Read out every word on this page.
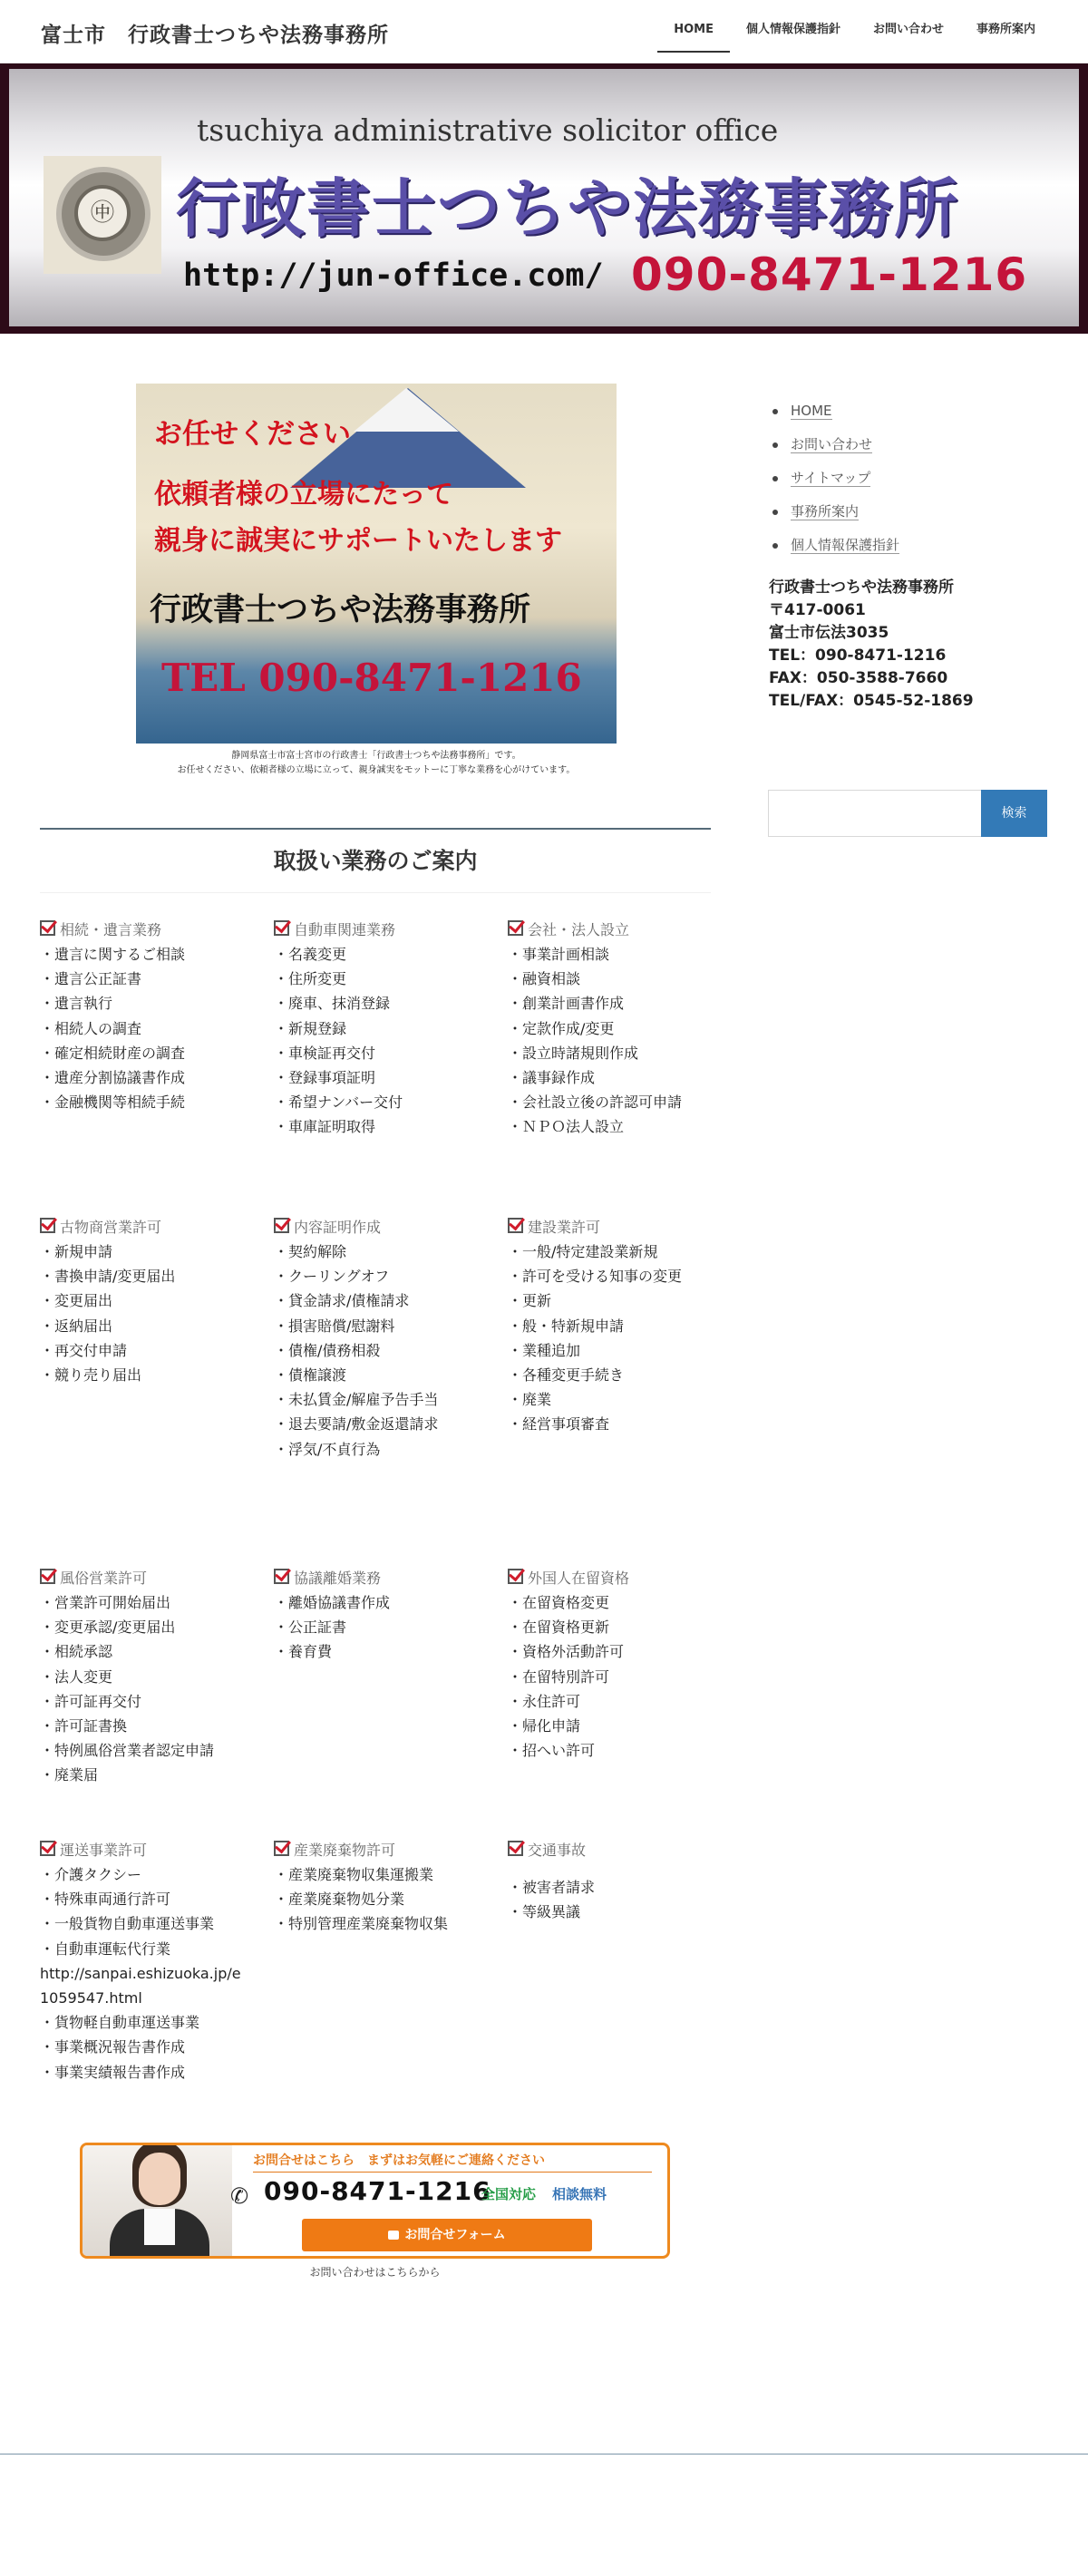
富士市　行政書士つちや法務事務所	HOME	個人情報保護指針	お問い合わせ	事務所案内
tsuchiya administrative solicitor office
㊥ 行政書士つちや法務事務所
http://jun-office.com/ 090-8471-1216
お任せください
依頼者様の立場にたって
親身に誠実にサポートいたします
行政書士つちや法務事務所
TEL 090-8471-1216
静岡県富士市富士宮市の行政書士「行政書士つちや法務事務所」です。
お任せください、依頼者様の立場に立って、親身誠実をモットーに丁寧な業務を心がけています。
HOME
お問い合わせ
サイトマップ
事務所案内
個人情報保護指針
行政書士つちや法務事務所
〒417-0061
富士市伝法3035
TEL：090-8471-1216
FAX：050-3588-7660
TEL/FAX：0545-52-1869
検索
取扱い業務のご案内
相続・遺言業務
・遺言に関するご相談
・遺言公正証書
・遺言執行
・相続人の調査
・確定相続財産の調査
・遺産分割協議書作成
・金融機関等相続手続
自動車関連業務
・名義変更
・住所変更
・廃車、抹消登録
・新規登録
・車検証再交付
・登録事項証明
・希望ナンバー交付
・車庫証明取得
会社・法人設立
・事業計画相談
・融資相談
・創業計画書作成
・定款作成/変更
・設立時諸規則作成
・議事録作成
・会社設立後の許認可申請
・ＮＰＯ法人設立
古物商営業許可
・新規申請
・書換申請/変更届出
・変更届出
・返納届出
・再交付申請
・競り売り届出
内容証明作成
・契約解除
・クーリングオフ
・貸金請求/債権請求
・損害賠償/慰謝料
・債権/債務相殺
・債権譲渡
・未払賃金/解雇予告手当
・退去要請/敷金返還請求
・浮気/不貞行為
建設業許可
・一般/特定建設業新規
・許可を受ける知事の変更
・更新
・般・特新規申請
・業種追加
・各種変更手続き
・廃業
・経営事項審査
風俗営業許可
・営業許可開始届出
・変更承認/変更届出
・相続承認
・法人変更
・許可証再交付
・許可証書換
・特例風俗営業者認定申請
・廃業届
協議離婚業務
・離婚協議書作成
・公正証書
・養育費
外国人在留資格
・在留資格変更
・在留資格更新
・資格外活動許可
・在留特別許可
・永住許可
・帰化申請
・招へい許可
運送事業許可
・介護タクシー
・特殊車両通行許可
・一般貨物自動車運送事業
・自動車運転代行業
http://sanpai.eshizuoka.jp/e1059547.html
・貨物軽自動車運送事業
・事業概況報告書作成
・事業実績報告書作成
産業廃棄物許可
・産業廃棄物収集運搬業
・産業廃棄物処分業
・特別管理産業廃棄物収集
交通事故
・被害者請求
・等級異議
お問合せはこちら　まずはお気軽にご連絡ください
✆ 090-8471-1216
全国対応 相談無料
お問合せフォーム
お問い合わせはこちらから
